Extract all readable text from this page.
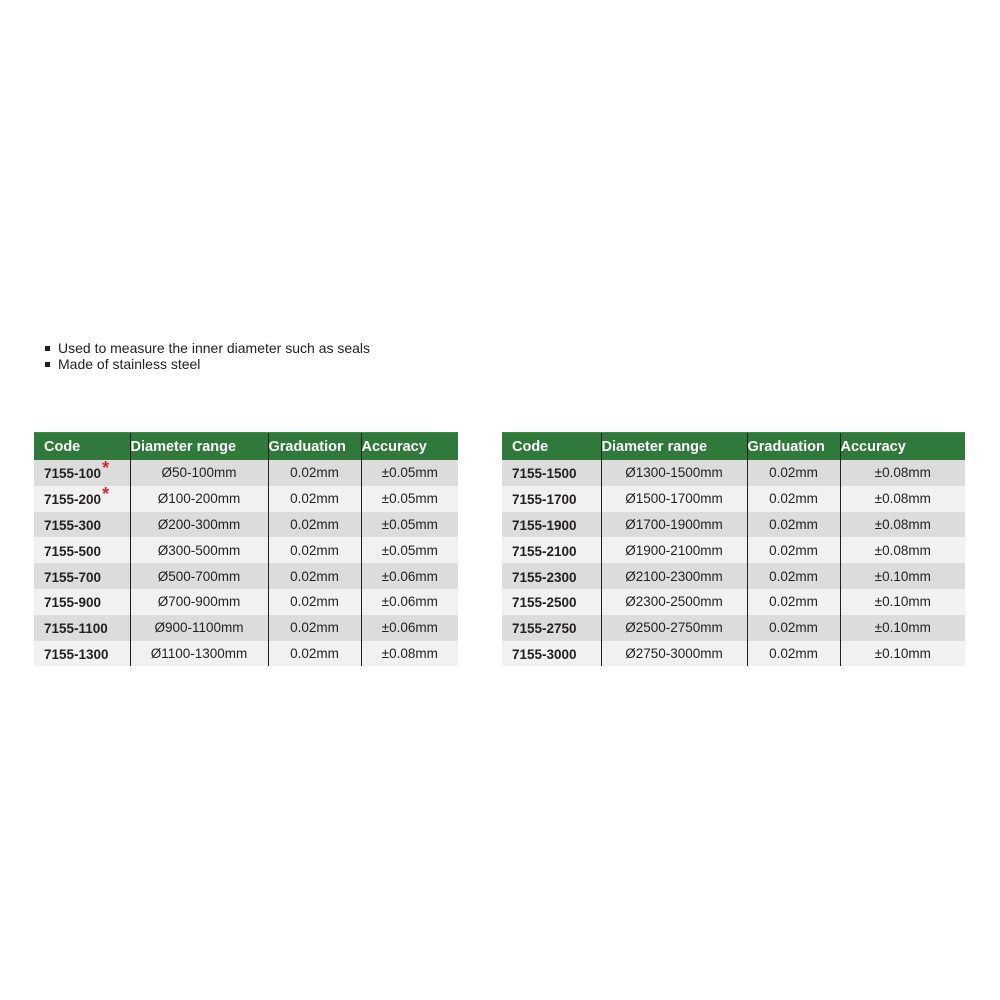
Used to measure the inner diameter such as seals
Made of stainless steel
Code	Diameter range	Graduation	Accuracy
7155-100*	Ø50-100mm	0.02mm	±0.05mm
7155-200*	Ø100-200mm	0.02mm	±0.05mm
7155-300	Ø200-300mm	0.02mm	±0.05mm
7155-500	Ø300-500mm	0.02mm	±0.05mm
7155-700	Ø500-700mm	0.02mm	±0.06mm
7155-900	Ø700-900mm	0.02mm	±0.06mm
7155-1100	Ø900-1100mm	0.02mm	±0.06mm
7155-1300	Ø1100-1300mm	0.02mm	±0.08mm
Code	Diameter range	Graduation	Accuracy
7155-1500	Ø1300-1500mm	0.02mm	±0.08mm
7155-1700	Ø1500-1700mm	0.02mm	±0.08mm
7155-1900	Ø1700-1900mm	0.02mm	±0.08mm
7155-2100	Ø1900-2100mm	0.02mm	±0.08mm
7155-2300	Ø2100-2300mm	0.02mm	±0.10mm
7155-2500	Ø2300-2500mm	0.02mm	±0.10mm
7155-2750	Ø2500-2750mm	0.02mm	±0.10mm
7155-3000	Ø2750-3000mm	0.02mm	±0.10mm
